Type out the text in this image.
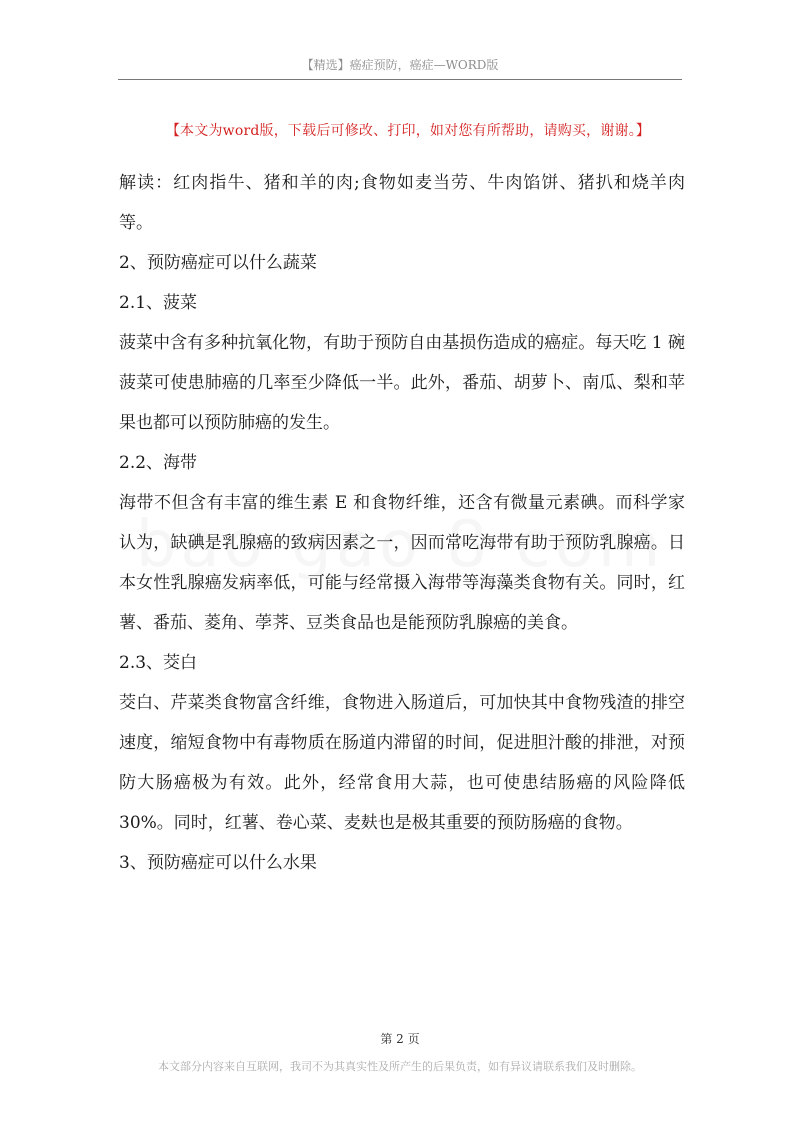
【精选】癌症预防，癌症—WORD版
【本文为word版，下载后可修改、打印，如对您有所帮助，请购买，谢谢。】

解读：红肉指牛、猪和羊的肉;食物如麦当劳、牛肉馅饼、猪扒和烧羊肉等。

2、预防癌症可以什么蔬菜

2.1、菠菜

菠菜中含有多种抗氧化物，有助于预防自由基损伤造成的癌症。每天吃 1 碗菠菜可使患肺癌的几率至少降低一半。此外，番茄、胡萝卜、南瓜、梨和苹果也都可以预防肺癌的发生。

2.2、海带

海带不但含有丰富的维生素 E 和食物纤维，还含有微量元素碘。而科学家认为，缺碘是乳腺癌的致病因素之一，因而常吃海带有助于预防乳腺癌。日本女性乳腺癌发病率低，可能与经常摄入海带等海藻类食物有关。同时，红薯、番茄、菱角、荸荠、豆类食品也是能预防乳腺癌的美食。

2.3、茭白

茭白、芹菜类食物富含纤维，食物进入肠道后，可加快其中食物残渣的排空速度，缩短食物中有毒物质在肠道内滞留的时间，促进胆汁酸的排泄，对预防大肠癌极为有效。此外，经常食用大蒜，也可使患结肠癌的风险降低 30%。同时，红薯、卷心菜、麦麸也是极其重要的预防肠癌的食物。

3、预防癌症可以什么水果

第 2 页
本文部分内容来自互联网，我司不为其真实性及所产生的后果负责，如有异议请联系我们及时删除。
